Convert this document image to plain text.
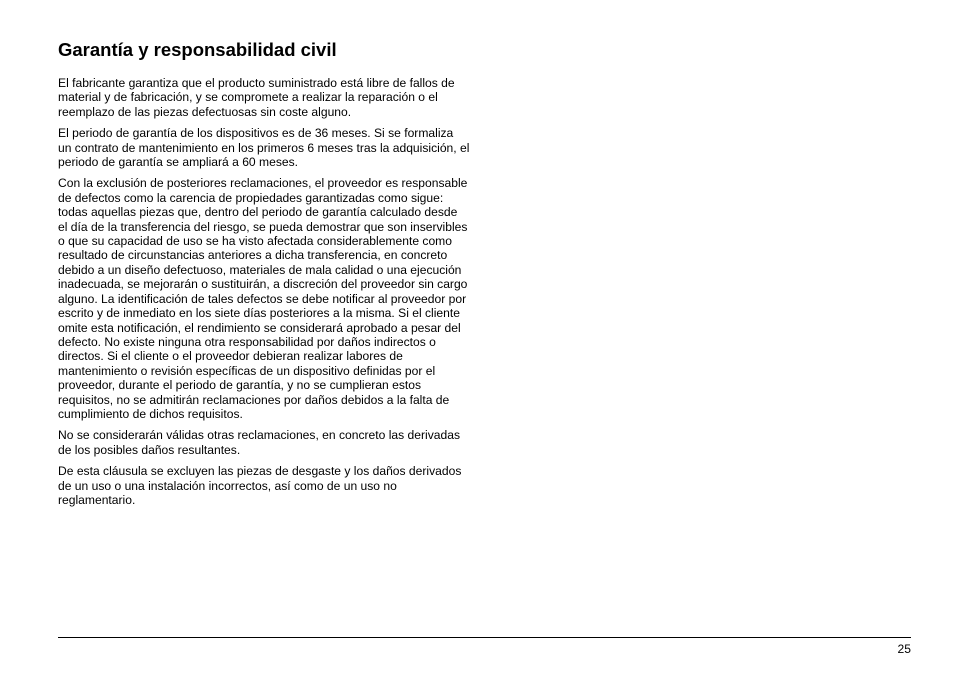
Garantía y responsabilidad civil

El fabricante garantiza que el producto suministrado está libre de fallos de material y de fabricación, y se compromete a realizar la reparación o el reemplazo de las piezas defectuosas sin coste alguno.

El periodo de garantía de los dispositivos es de 36 meses. Si se formaliza un contrato de mantenimiento en los primeros 6 meses tras la adquisición, el periodo de garantía se ampliará a 60 meses.

Con la exclusión de posteriores reclamaciones, el proveedor es responsable de defectos como la carencia de propiedades garantizadas como sigue: todas aquellas piezas que, dentro del periodo de garantía calculado desde el día de la transferencia del riesgo, se pueda demostrar que son inservibles o que su capacidad de uso se ha visto afectada considerablemente como resultado de circunstancias anteriores a dicha transferencia, en concreto debido a un diseño defectuoso, materiales de mala calidad o una ejecución inadecuada, se mejorarán o sustituirán, a discreción del proveedor sin cargo alguno. La identificación de tales defectos se debe notificar al proveedor por escrito y de inmediato en los siete días posteriores a la misma. Si el cliente omite esta notificación, el rendimiento se considerará aprobado a pesar del defecto. No existe ninguna otra responsabilidad por daños indirectos o directos. Si el cliente o el proveedor debieran realizar labores de mantenimiento o revisión específicas de un dispositivo definidas por el proveedor, durante el periodo de garantía, y no se cumplieran estos requisitos, no se admitirán reclamaciones por daños debidos a la falta de cumplimiento de dichos requisitos.

No se considerarán válidas otras reclamaciones, en concreto las derivadas de los posibles daños resultantes.

De esta cláusula se excluyen las piezas de desgaste y los daños derivados de un uso o una instalación incorrectos, así como de un uso no reglamentario.

25
